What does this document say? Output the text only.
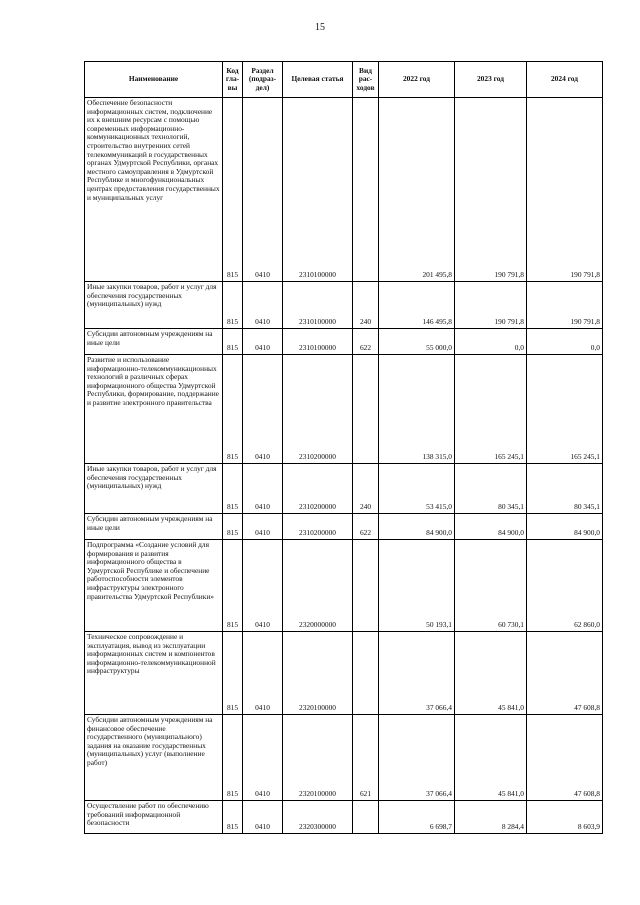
15
Наименование	Код гла- вы	Раздел (подраз- дел)	Целевая статья	Вид рас- ходов	2022 год	2023 год	2024 год
Обеспечение безопасности информационных систем, подключение их к внешним ресурсам с помощью современных информационно-коммуникационных технологий, строительство внутренних сетей телекоммуникаций в государственных органах Удмуртской Республики, органах местного самоуправления в Удмуртской Республике и многофункциональных центрах предоставления государственных и муниципальных услуг	815	0410	2310100000		201 495,8	190 791,8	190 791,8
Иные закупки товаров, работ и услуг для обеспечения государственных (муниципальных) нужд	815	0410	2310100000	240	146 495,8	190 791,8	190 791,8
Субсидии автономным учреждениям на иные цели	815	0410	2310100000	622	55 000,0	0,0	0,0
Развитие и использование информационно-телекоммуникационных технологий в различных сферах информационного общества Удмуртской Республики, формирование, поддержание и развитие электронного правительства	815	0410	2310200000		138 315,0	165 245,1	165 245,1
Иные закупки товаров, работ и услуг для обеспечения государственных (муниципальных) нужд	815	0410	2310200000	240	53 415,0	80 345,1	80 345,1
Субсидии автономным учреждениям на иные цели	815	0410	2310200000	622	84 900,0	84 900,0	84 900,0
Подпрограмма «Создание условий для формирования и развития информационного общества в Удмуртской Республике и обеспечение работоспособности элементов инфраструктуры электронного правительства Удмуртской Республики»	815	0410	2320000000		50 193,1	60 730,1	62 860,0
Техническое сопровождение и эксплуатация, вывод из эксплуатации информационных систем и компонентов информационно-телекоммуникационной инфраструктуры	815	0410	2320100000		37 066,4	45 841,0	47 608,8
Субсидии автономным учреждениям на финансовое обеспечение государственного (муниципального) задания на оказание государственных (муниципальных) услуг (выполнение работ)	815	0410	2320100000	621	37 066,4	45 841,0	47 608,8
Осуществление работ по обеспечению требований информационной безопасности	815	0410	2320300000		6 698,7	8 284,4	8 603,9
